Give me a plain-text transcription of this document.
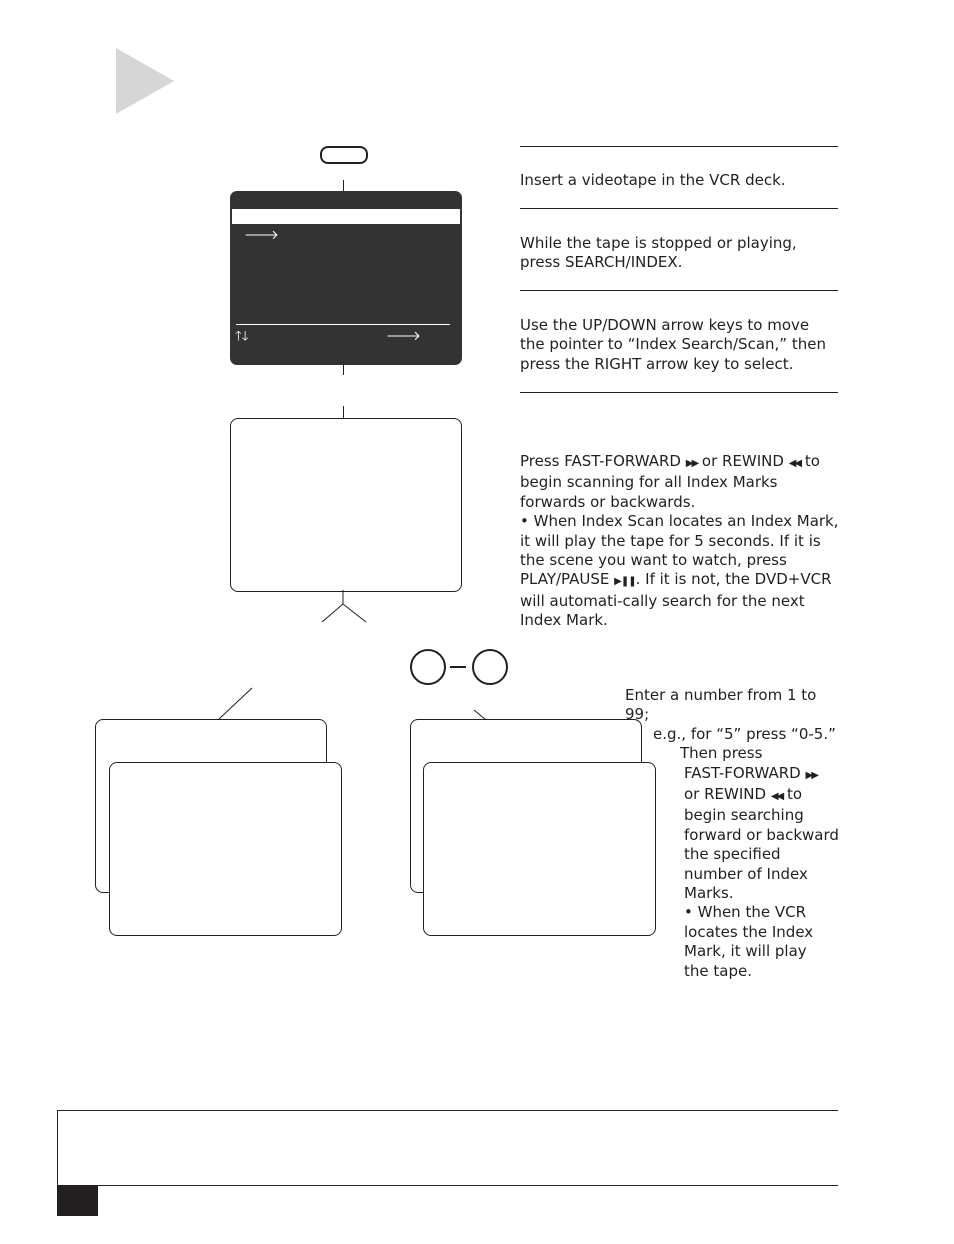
🡒
🡑🡓	🡒
Insert a videotape in the VCR deck.
While the tape is stopped or playing, press SEARCH/INDEX.
Use the UP/DOWN arrow keys to move the pointer to “Index Search/Scan,” then press the RIGHT arrow key to select.
Press FAST-FORWARD ▶▶ or REWIND ◀◀ to begin scanning for all Index Marks forwards or backwards.
• When Index Scan locates an Index Mark, it will play the tape for 5 seconds. If it is the scene you want to watch, press PLAY/PAUSE ▶❚❚. If it is not, the DVD+VCR will automati-cally search for the next Index Mark.
Enter a number from 1 to 99;
e.g., for “5” press “0-5.”
Then press
FAST-FORWARD ▶▶
or REWIND ◀◀ to
begin searching forward or backward the specified number of Index Marks.
• When the VCR locates the Index Mark, it will play the tape.
